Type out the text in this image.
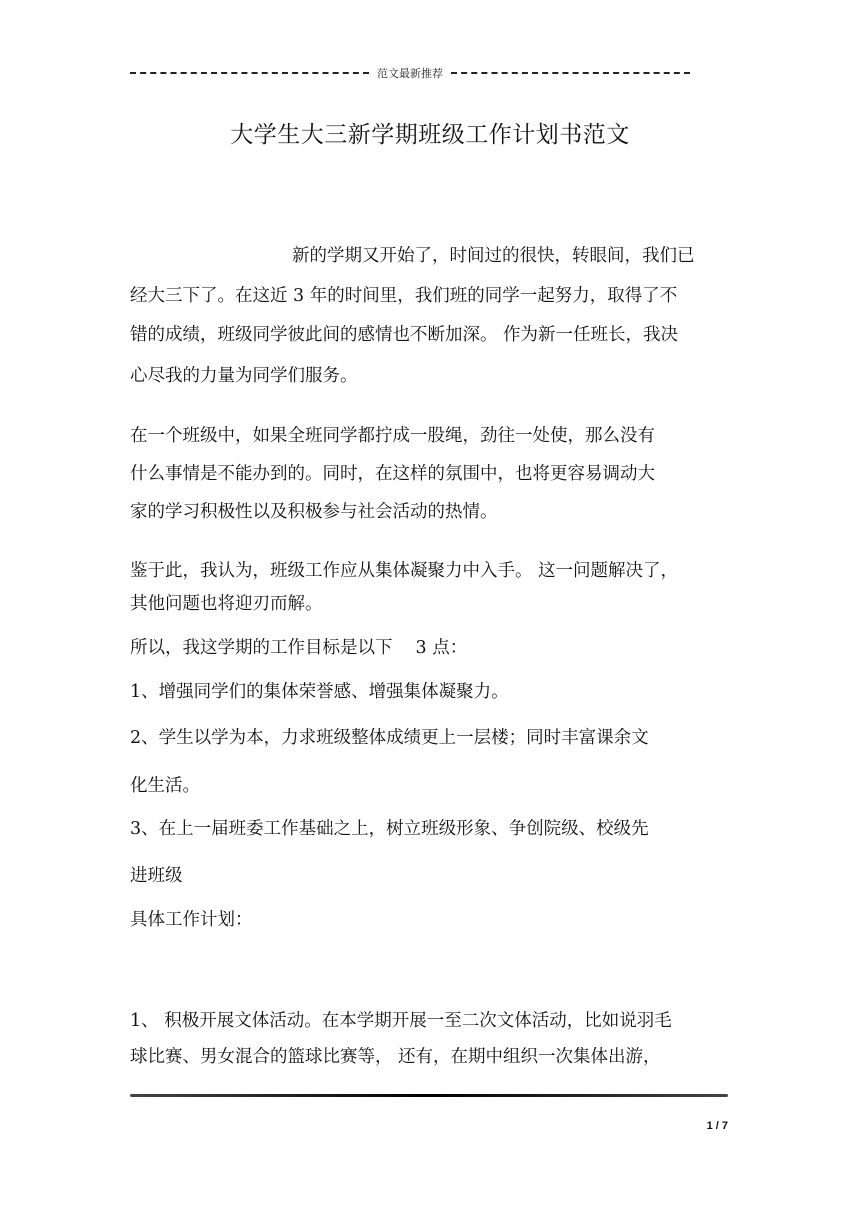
范文最新推荐
大学生大三新学期班级工作计划书范文
新的学期又开始了，时间过的很快，转眼间，我们已
经大三下了。在这近 3 年的时间里，我们班的同学一起努力，取得了不
错的成绩，班级同学彼此间的感情也不断加深。 作为新一任班长，我决
心尽我的力量为同学们服务。
在一个班级中，如果全班同学都拧成一股绳，劲往一处使，那么没有
什么事情是不能办到的。同时，在这样的氛围中，也将更容易调动大
家的学习积极性以及积极参与社会活动的热情。
鉴于此，我认为，班级工作应从集体凝聚力中入手。 这一问题解决了，
其他问题也将迎刃而解。
所以，我这学期的工作目标是以下　 3 点：
1、增强同学们的集体荣誉感、增强集体凝聚力。
2、学生以学为本，力求班级整体成绩更上一层楼；同时丰富课余文
化生活。
3、在上一届班委工作基础之上，树立班级形象、争创院级、校级先
进班级
具体工作计划：
1、 积极开展文体活动。在本学期开展一至二次文体活动，比如说羽毛
球比赛、男女混合的篮球比赛等， 还有，在期中组织一次集体出游，
1 / 7
